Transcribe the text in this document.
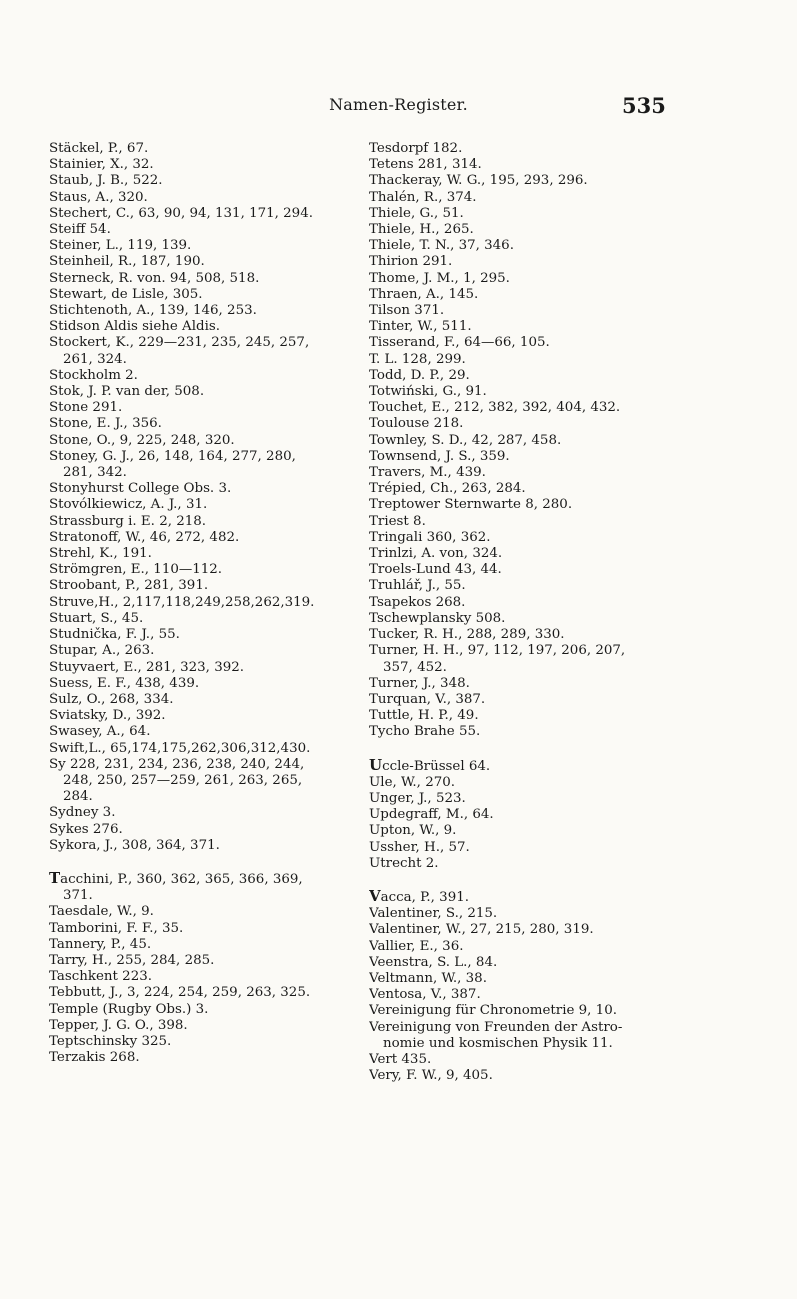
Namen-Register.	535
Stäckel, P., 67.
Stainier, X., 32.
Staub, J. B., 522.
Staus, A., 320.
Stechert, C., 63, 90, 94, 131, 171, 294.
Steiff 54.
Steiner, L., 119, 139.
Steinheil, R., 187, 190.
Sterneck, R. von. 94, 508, 518.
Stewart, de Lisle, 305.
Stichtenoth, A., 139, 146, 253.
Stidson Aldis siehe Aldis.
Stockert, K., 229—231, 235, 245, 257,
261, 324.
Stockholm 2.
Stok, J. P. van der, 508.
Stone 291.
Stone, E. J., 356.
Stone, O., 9, 225, 248, 320.
Stoney, G. J., 26, 148, 164, 277, 280,
281, 342.
Stonyhurst College Obs. 3.
Stovólkiewicz, A. J., 31.
Strassburg i. E. 2, 218.
Stratonoff, W., 46, 272, 482.
Strehl, K., 191.
Strömgren, E., 110—112.
Stroobant, P., 281, 391.
Struve,H., 2,117,118,249,258,262,319.
Stuart, S., 45.
Studnička, F. J., 55.
Stupar, A., 263.
Stuyvaert, E., 281, 323, 392.
Suess, E. F., 438, 439.
Šulz, O., 268, 334.
Sviatsky, D., 392.
Swasey, A., 64.
Swift,L., 65,174,175,262,306,312,430.
Sy 228, 231, 234, 236, 238, 240, 244,
248, 250, 257—259, 261, 263, 265,
284.
Sydney 3.
Sykes 276.
Sykora, J., 308, 364, 371.
Tacchini, P., 360, 362, 365, 366, 369,
371.
Taesdale, W., 9.
Tamborini, F. F., 35.
Tannery, P., 45.
Tarry, H., 255, 284, 285.
Taschkent 223.
Tebbutt, J., 3, 224, 254, 259, 263, 325.
Temple (Rugby Obs.) 3.
Tepper, J. G. O., 398.
Teptschinsky 325.
Terzakis 268.
Tesdorpf 182.
Tetens 281, 314.
Thackeray, W. G., 195, 293, 296.
Thalén, R., 374.
Thiele, G., 51.
Thiele, H., 265.
Thiele, T. N., 37, 346.
Thirion 291.
Thome, J. M., 1, 295.
Thraen, A., 145.
Tilson 371.
Tinter, W., 511.
Tisserand, F., 64—66, 105.
T. L. 128, 299.
Todd, D. P., 29.
Totwiński, G., 91.
Touchet, E., 212, 382, 392, 404, 432.
Toulouse 218.
Townley, S. D., 42, 287, 458.
Townsend, J. S., 359.
Travers, M., 439.
Trépied, Ch., 263, 284.
Treptower Sternwarte 8, 280.
Triest 8.
Tringali 360, 362.
Trinlzi, A. von, 324.
Troels-Lund 43, 44.
Truhlář, J., 55.
Tsapekos 268.
Tschewplansky 508.
Tucker, R. H., 288, 289, 330.
Turner, H. H., 97, 112, 197, 206, 207,
357, 452.
Turner, J., 348.
Turquan, V., 387.
Tuttle, H. P., 49.
Tycho Brahe 55.
Uccle-Brüssel 64.
Ule, W., 270.
Unger, J., 523.
Updegraff, M., 64.
Upton, W., 9.
Ussher, H., 57.
Utrecht 2.
Vacca, P., 391.
Valentiner, S., 215.
Valentiner, W., 27, 215, 280, 319.
Vallier, E., 36.
Veenstra, S. L., 84.
Veltmann, W., 38.
Ventosa, V., 387.
Vereinigung für Chronometrie 9, 10.
Vereinigung von Freunden der Astro-
nomie und kosmischen Physik 11.
Vert 435.
Very, F. W., 9, 405.
